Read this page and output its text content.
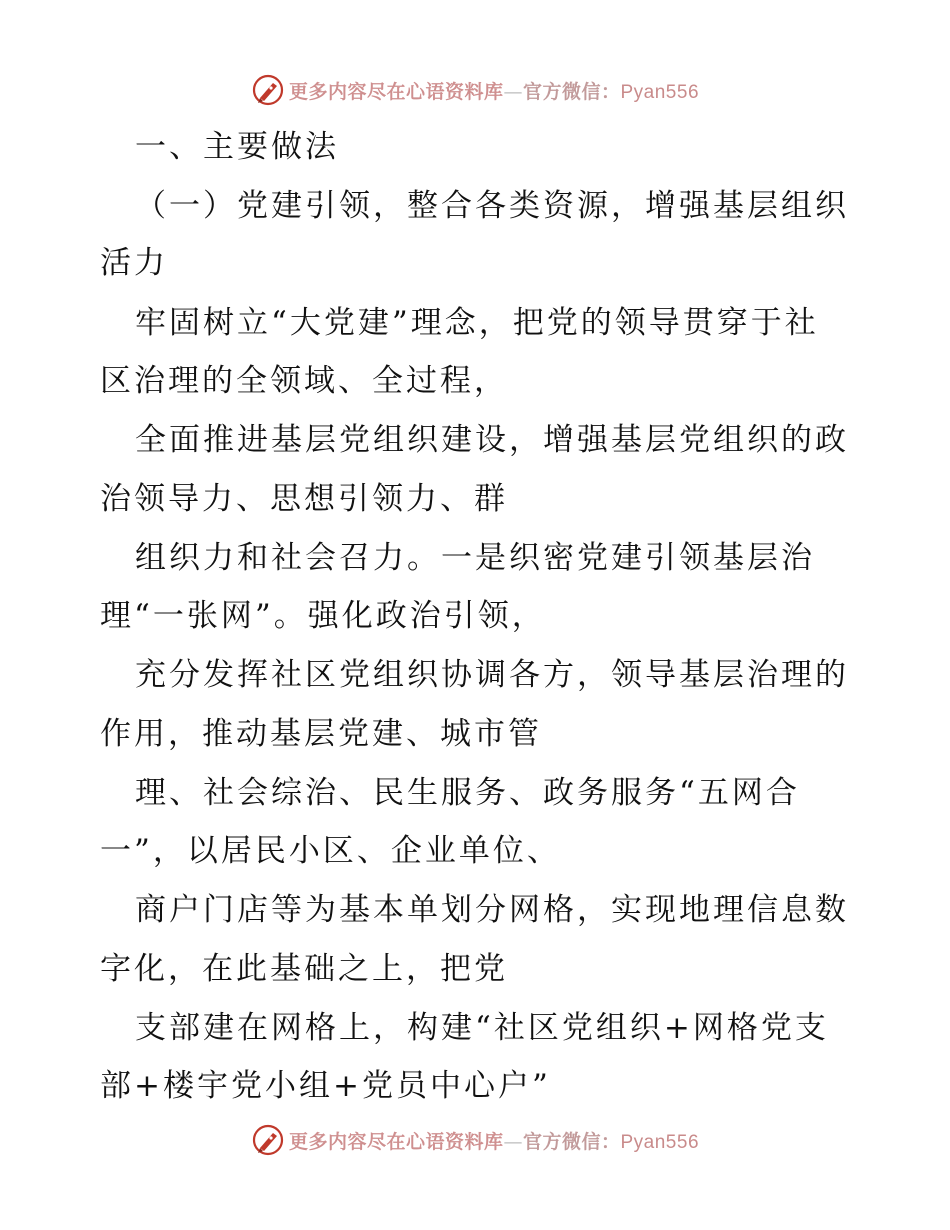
更多内容尽在心语资料库—官方微信：Pyan556
一、主要做法
（一）党建引领，整合各类资源，增强基层组织
活力
牢固树立“大党建”理念，把党的领导贯穿于社
区治理的全领域、全过程，
全面推进基层党组织建设，增强基层党组织的政
治领导力、思想引领力、群
组织力和社会召力。一是织密党建引领基层治
理“一张网”。强化政治引领，
充分发挥社区党组织协调各方，领导基层治理的
作用，推动基层党建、城市管
理、社会综治、民生服务、政务服务“五网合
一”，以居民小区、企业单位、
商户门店等为基本单划分网格，实现地理信息数
字化，在此基础之上，把党
支部建在网格上，构建“社区党组织+网格党支
部+楼宇党小组+党员中心户”
更多内容尽在心语资料库—官方微信：Pyan556
